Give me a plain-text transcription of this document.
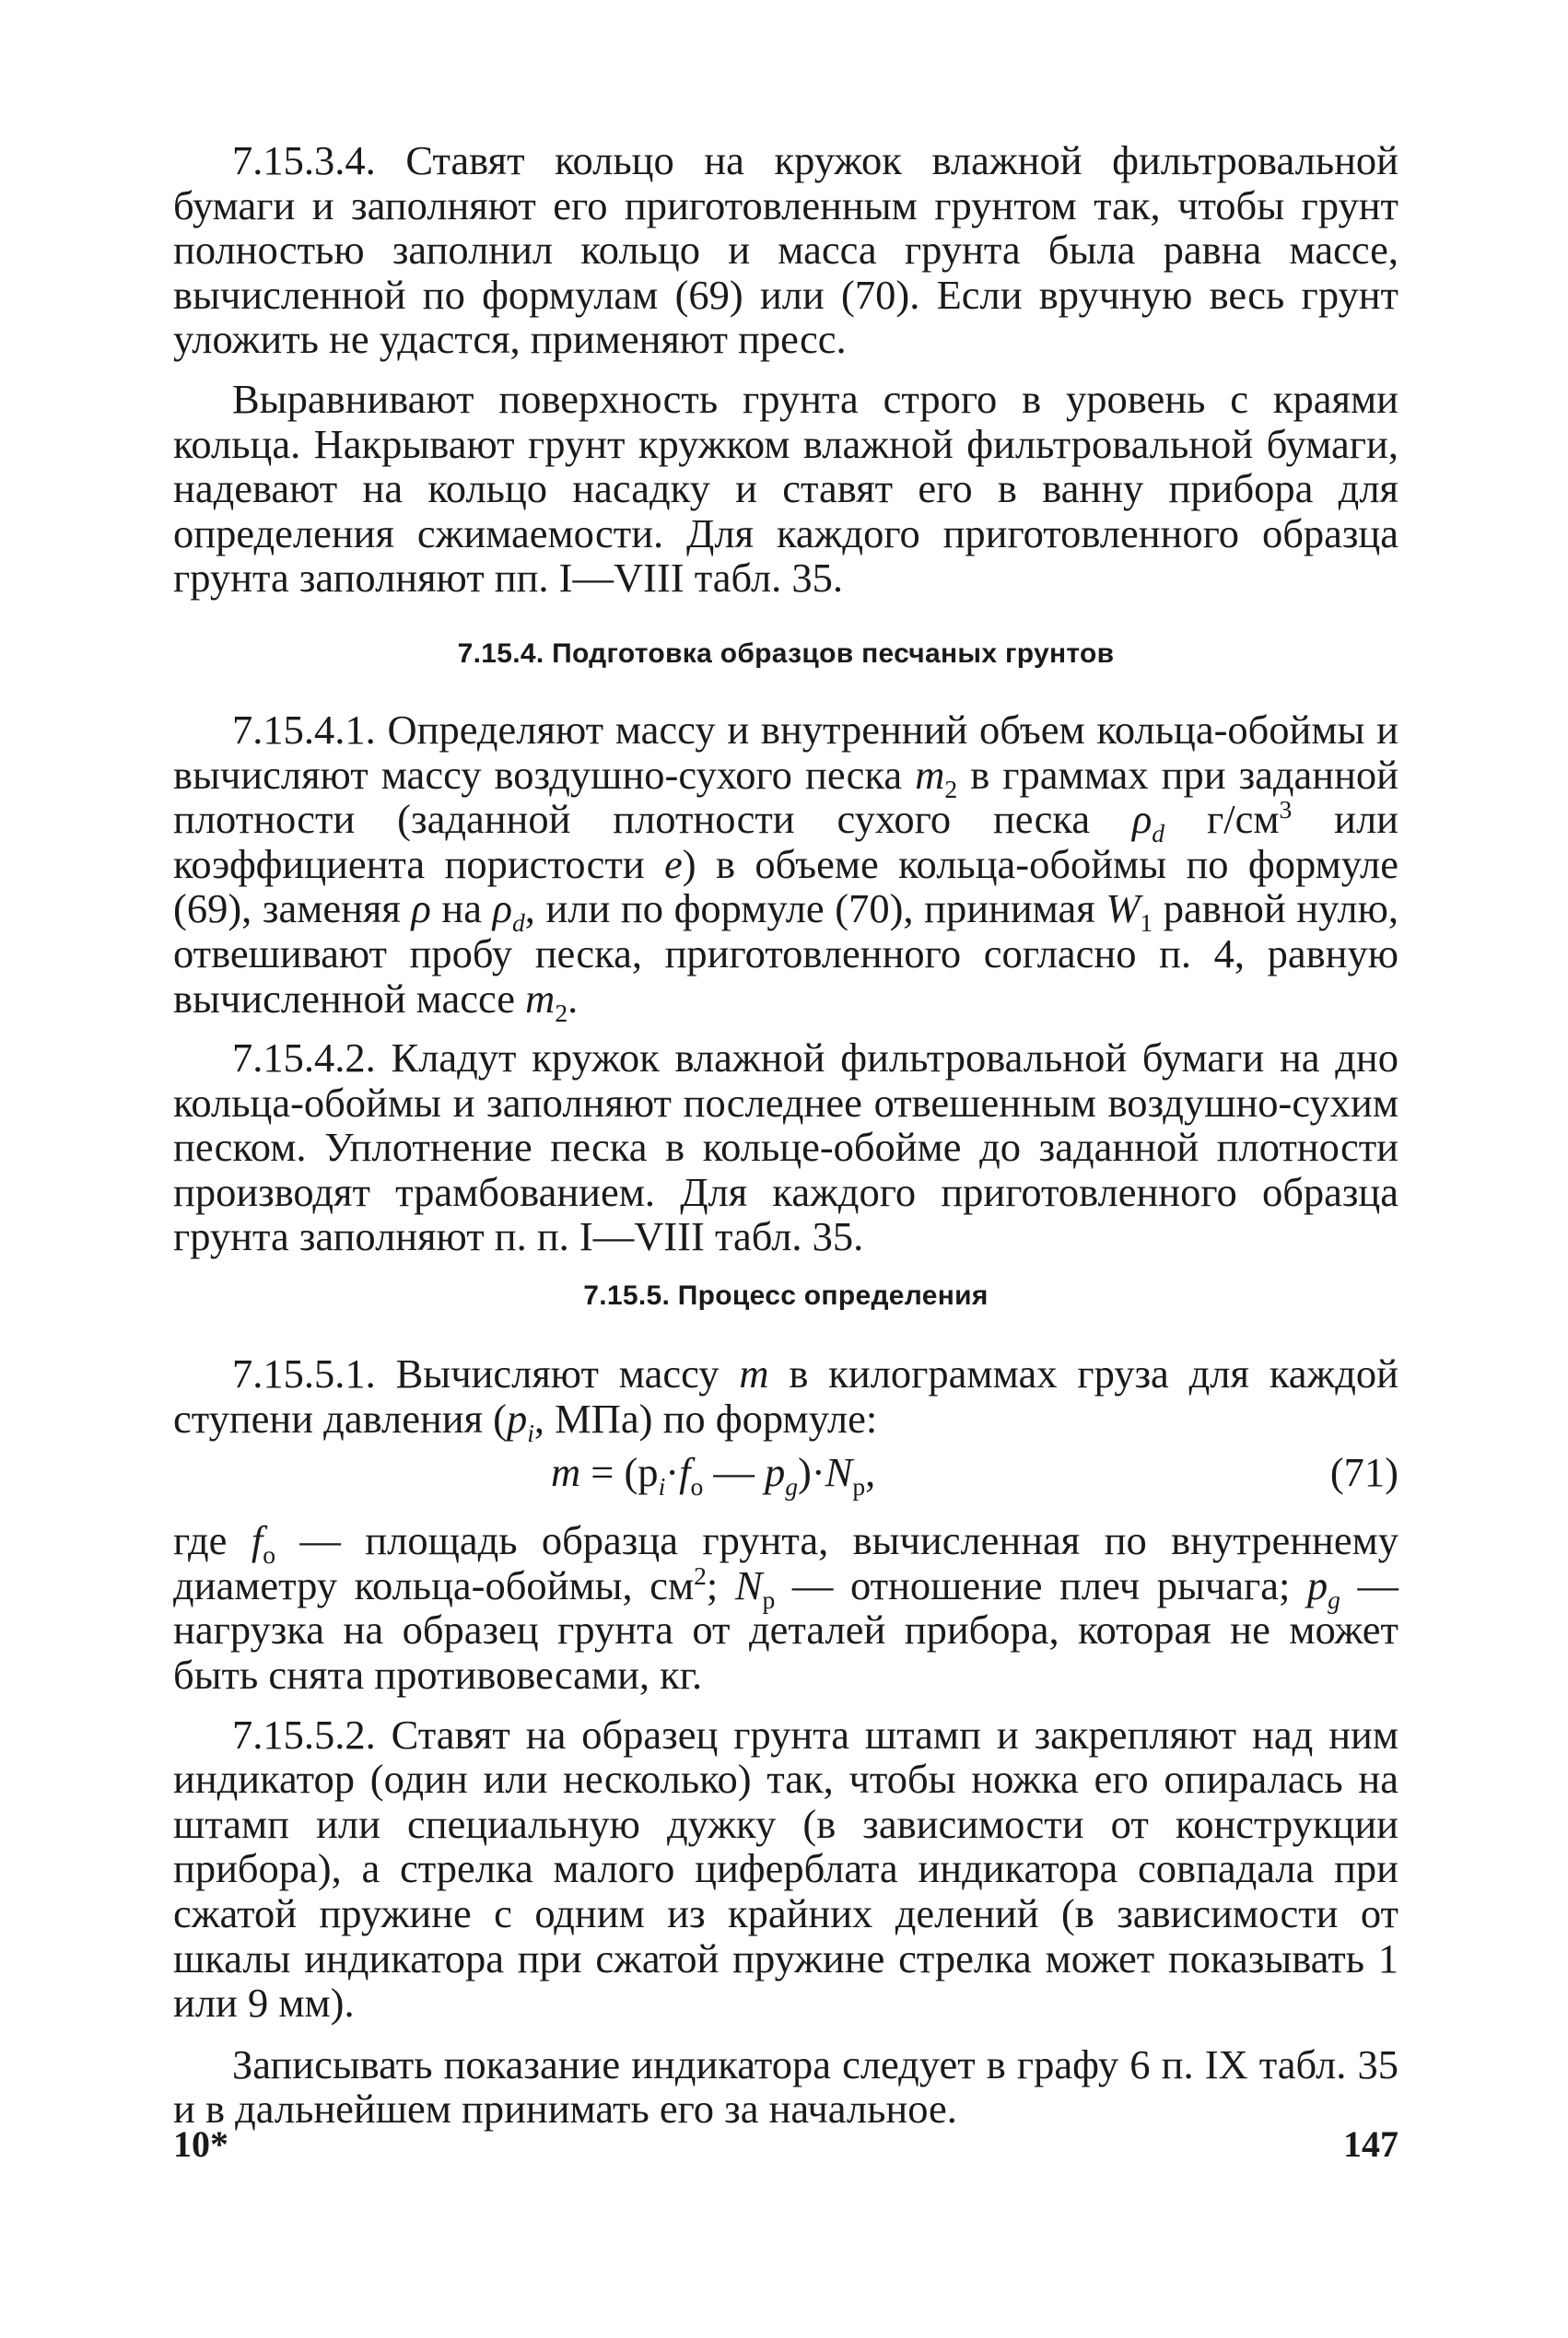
7.15.3.4. Ставят кольцо на кружок влажной фильтровальной бумаги и заполняют его приготовленным грунтом так, чтобы грунт полностью заполнил кольцо и масса грунта была равна массе, вычисленной по формулам (69) или (70). Если вручную весь грунт уложить не удастся, применяют пресс.

Выравнивают поверхность грунта строго в уровень с краями кольца. Накрывают грунт кружком влажной фильтровальной бумаги, надевают на кольцо насадку и ставят его в ванну прибора для определения сжимаемости. Для каждого приготовленного образца грунта заполняют пп. I—VIII табл. 35.

7.15.4. Подготовка образцов песчаных грунтов

7.15.4.1. Определяют массу и внутренний объем кольца-обоймы и вычисляют массу воздушно-сухого песка $m_2$ в граммах при заданной плотности (заданной плотности сухого песка $\rho_d$ $г/см^3$ или коэффициента пористости e) в объеме кольца-обоймы по формуле (69), заменяя ρ на $\rho_d$, или по формуле (70), принимая $W_1$ равной нулю, отвешивают пробу песка, приготовленного согласно п. 4, равную вычисленной массе $m_2$.

7.15.4.2. Кладут кружок влажной фильтровальной бумаги на дно кольца-обоймы и заполняют последнее отвешенным воздушно-сухим песком. Уплотнение песка в кольце-обойме до заданной плотности производят трамбованием. Для каждого приготовленного образца грунта заполняют п. п. I—VIII табл. 35.

7.15.5. Процесс определения

7.15.5.1. Вычисляют массу m в килограммах груза для каждой ступени давления ($p_i$, МПа) по формуле:

$m = (p_i\cdot f_o$ — $p_g)\cdot N_p$,	(71)

где $f_o$ — площадь образца грунта, вычисленная по внутреннему диаметру кольца-обоймы, $см^2$; $N_p$ — отношение плеч рычага; $p_g$ — нагрузка на образец грунта от деталей прибора, которая не может быть снята противовесами, кг.

7.15.5.2. Ставят на образец грунта штамп и закрепляют над ним индикатор (один или несколько) так, чтобы ножка его опиралась на штамп или специальную дужку (в зависимости от конструкции прибора), а стрелка малого циферблата индикатора совпадала при сжатой пружине с одним из крайних делений (в зависимости от шкалы индикатора при сжатой пружине стрелка может показывать 1 или 9 мм).

Записывать показание индикатора следует в графу 6 п. IX табл. 35 и в дальнейшем принимать его за начальное.

10*	147
